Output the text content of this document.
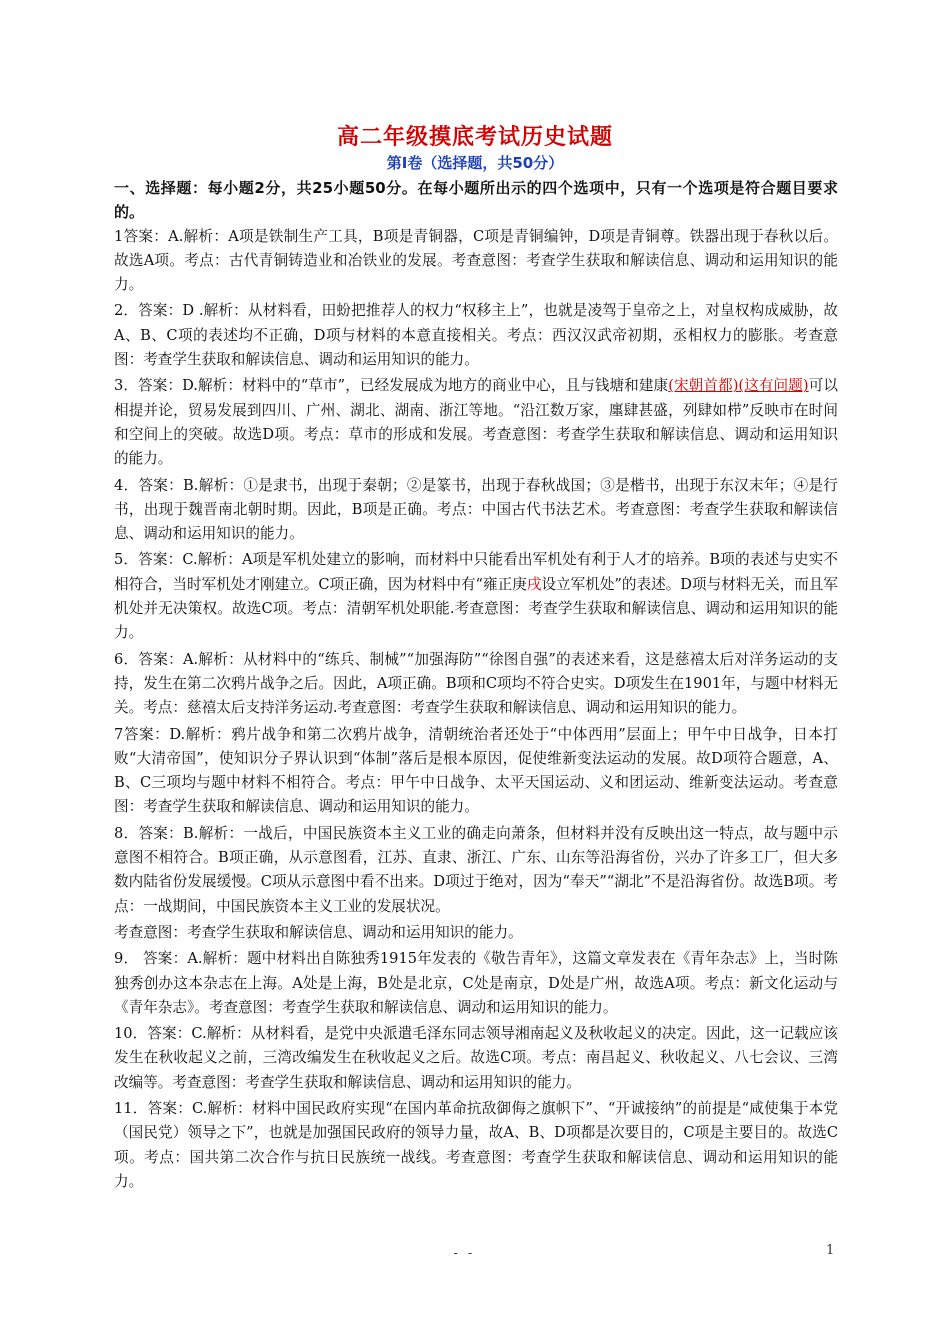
高二年级摸底考试历史试题
第Ⅰ卷（选择题，共50分）
一、选择题：每小题2分，共25小题50分。在每小题所出示的四个选项中，只有一个选项是符合题目要求的。
1答案：A.解析：A项是铁制生产工具，B项是青铜器，C项是青铜编钟，D项是青铜尊。铁器出现于春秋以后。故选A项。考点：古代青铜铸造业和冶铁业的发展。考查意图：考查学生获取和解读信息、调动和运用知识的能力。
2．答案：D .解析：从材料看，田蚡把推荐人的权力“权移主上”，也就是凌驾于皇帝之上，对皇权构成威胁，故A、B、C项的表述均不正确，D项与材料的本意直接相关。考点：西汉汉武帝初期，丞相权力的膨胀。考查意图：考查学生获取和解读信息、调动和运用知识的能力。
3．答案：D.解析：材料中的“草市”，已经发展成为地方的商业中心，且与钱塘和建康(宋朝首都)(这有问题)可以相提并论，贸易发展到四川、广州、湖北、湖南、浙江等地。“沿江数万家，廛肆甚盛，列肆如栉”反映市在时间和空间上的突破。故选D项。考点：草市的形成和发展。考查意图：考查学生获取和解读信息、调动和运用知识的能力。
4．答案：B.解析：①是隶书，出现于秦朝；②是篆书，出现于春秋战国；③是楷书，出现于东汉末年；④是行书，出现于魏晋南北朝时期。因此，B项是正确。考点：中国古代书法艺术。考查意图：考查学生获取和解读信息、调动和运用知识的能力。
5．答案：C.解析：A项是军机处建立的影响，而材料中只能看出军机处有利于人才的培养。B项的表述与史实不相符合，当时军机处才刚建立。C项正确，因为材料中有“雍正庚戌设立军机处”的表述。D项与材料无关，而且军机处并无决策权。故选C项。考点：清朝军机处职能.考查意图：考查学生获取和解读信息、调动和运用知识的能力。
6．答案：A.解析：从材料中的“练兵、制械”“加强海防”“徐图自强”的表述来看，这是慈禧太后对洋务运动的支持，发生在第二次鸦片战争之后。因此，A项正确。B项和C项均不符合史实。D项发生在1901年，与题中材料无关。考点：慈禧太后支持洋务运动.考查意图：考查学生获取和解读信息、调动和运用知识的能力。
7答案：D.解析：鸦片战争和第二次鸦片战争，清朝统治者还处于“中体西用”层面上；甲午中日战争，日本打败“大清帝国”，使知识分子界认识到“体制”落后是根本原因，促使维新变法运动的发展。故D项符合题意，A、B、C三项均与题中材料不相符合。考点：甲午中日战争、太平天国运动、义和团运动、维新变法运动。考查意图：考查学生获取和解读信息、调动和运用知识的能力。
8．答案：B.解析：一战后，中国民族资本主义工业的确走向萧条，但材料并没有反映出这一特点，故与题中示意图不相符合。B项正确，从示意图看，江苏、直隶、浙江、广东、山东等沿海省份，兴办了许多工厂，但大多数内陆省份发展缓慢。C项从示意图中看不出来。D项过于绝对，因为“奉天”“湖北”不是沿海省份。故选B项。考点：一战期间，中国民族资本主义工业的发展状况。
考查意图：考查学生获取和解读信息、调动和运用知识的能力。
9． 答案：A.解析：题中材料出自陈独秀1915年发表的《敬告青年》，这篇文章发表在《青年杂志》上，当时陈独秀创办这本杂志在上海。A处是上海，B处是北京，C处是南京，D处是广州，故选A项。考点：新文化运动与《青年杂志》。考查意图：考查学生获取和解读信息、调动和运用知识的能力。
10．答案：C.解析：从材料看，是党中央派遣毛泽东同志领导湘南起义及秋收起义的决定。因此，这一记载应该发生在秋收起义之前，三湾改编发生在秋收起义之后。故选C项。考点：南昌起义、秋收起义、八七会议、三湾改编等。考查意图：考查学生获取和解读信息、调动和运用知识的能力。
11．答案：C.解析：材料中国民政府实现“在国内革命抗敌御侮之旗帜下”、“开诚接纳”的前提是“咸使集于本党（国民党）领导之下”，也就是加强国民政府的领导力量，故A、B、D项都是次要目的，C项是主要目的。故选C项。考点：国共第二次合作与抗日民族统一战线。考查意图：考查学生获取和解读信息、调动和运用知识的能力。
- -	1
